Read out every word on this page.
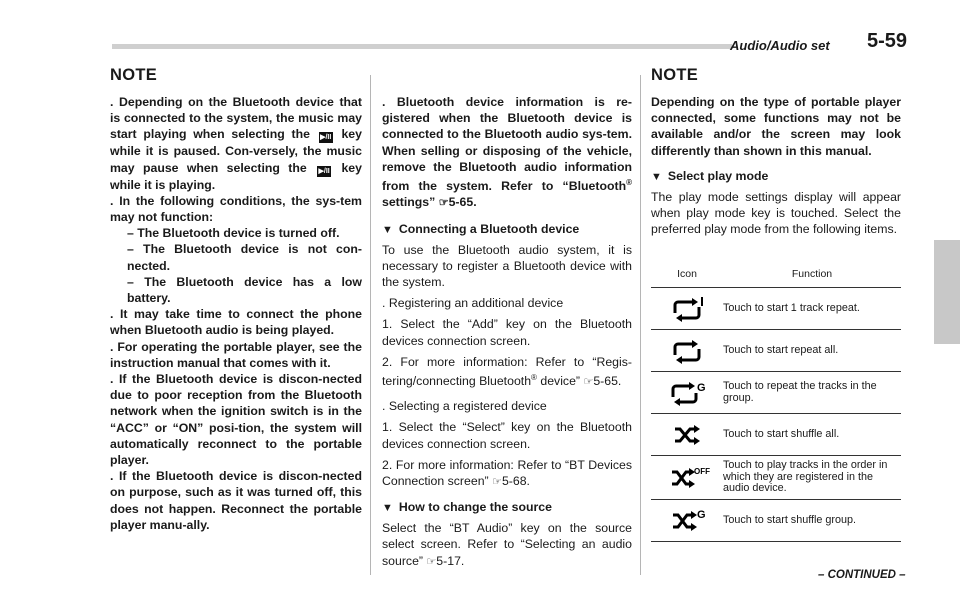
Audio/Audio set 5-59
NOTE

. Depending on the Bluetooth device that is connected to the system, the music may start playing when selecting the ▶/II key while it is paused. Con-versely, the music may pause when selecting the ▶/II key while it is playing.

. In the following conditions, the sys-tem may not function:

– The Bluetooth device is turned off.

– The Bluetooth device is not con-nected.

– The Bluetooth device has a low battery.

. It may take time to connect the phone when Bluetooth audio is being played.

. For operating the portable player, see the instruction manual that comes with it.

. If the Bluetooth device is discon-nected due to poor reception from the Bluetooth network when the ignition switch is in the “ACC” or “ON” posi-tion, the system will automatically reconnect to the portable player.

. If the Bluetooth device is discon-nected on purpose, such as it was turned off, this does not happen. Reconnect the portable player manu-ally.

. Bluetooth device information is re-gistered when the Bluetooth device is connected to the Bluetooth audio sys-tem. When selling or disposing of the vehicle, remove the Bluetooth audio information from the system. Refer to “Bluetooth® settings” ☞5-65.

▼ Connecting a Bluetooth device

To use the Bluetooth audio system, it is necessary to register a Bluetooth device with the system.

. Registering an additional device

1. Select the “Add” key on the Bluetooth devices connection screen.

2. For more information: Refer to “Regis-tering/connecting Bluetooth® device” ☞5-65.

. Selecting a registered device

1. Select the “Select” key on the Bluetooth devices connection screen.

2. For more information: Refer to “BT Devices Connection screen” ☞5-68.

▼ How to change the source

Select the “BT Audio” key on the source select screen. Refer to “Selecting an audio source” ☞5-17.

NOTE

Depending on the type of portable player connected, some functions may not be available and/or the screen may look differently than shown in this manual.

▼ Select play mode

The play mode settings display will appear when play mode key is touched. Select the preferred play mode from the following items.

Icon	Function

	Touch to start 1 track repeat.

	Touch to start repeat all.

G	Touch to repeat the tracks in the group.

	Touch to start shuffle all.

OFF	Touch to play tracks in the order in which they are registered in the audio device.

G	Touch to start shuffle group.
– CONTINUED –
